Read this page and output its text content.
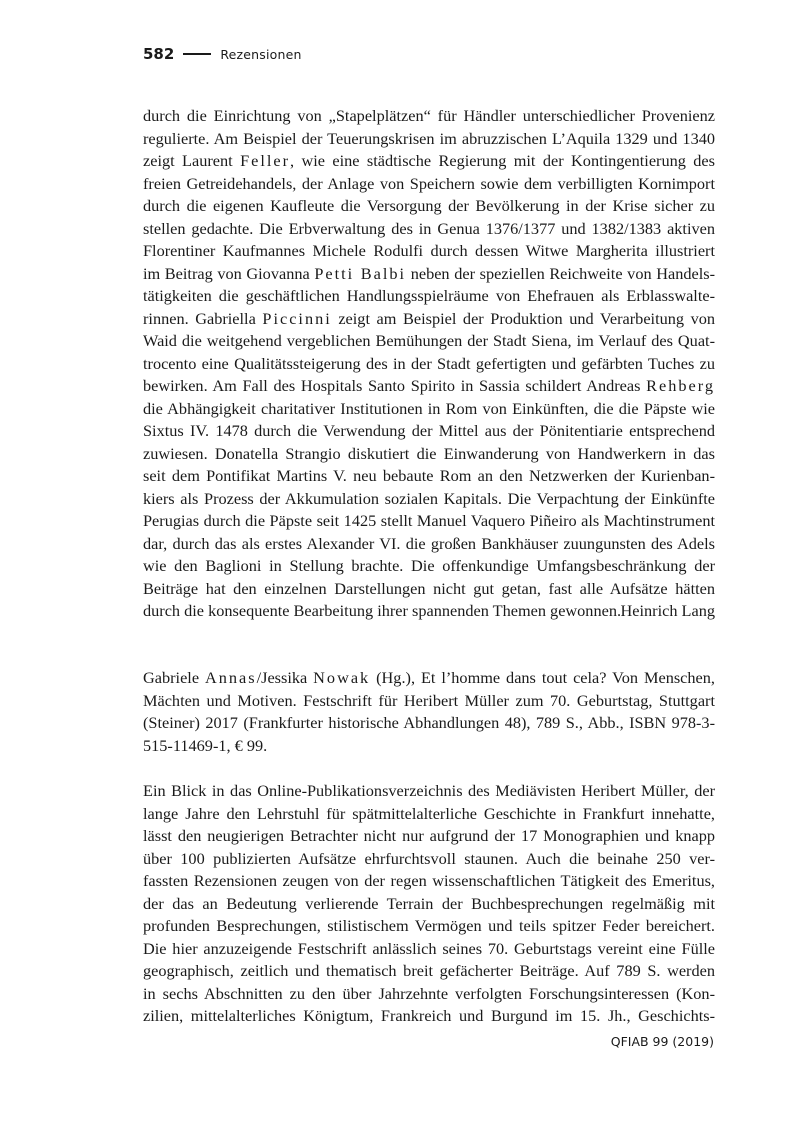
582	Rezensionen
durch die Einrichtung von „Stapelplätzen“ für Händler unterschiedlicher Provenienz
regulierte. Am Beispiel der Teuerungskrisen im abruzzischen L’Aquila 1329 und 1340
zeigt Laurent Feller, wie eine städtische Regierung mit der Kontingentierung des
freien Getreidehandels, der Anlage von Speichern sowie dem verbilligten Kornimport
durch die eigenen Kaufleute die Versorgung der Bevölkerung in der Krise sicher zu
stellen gedachte. Die Erbverwaltung des in Genua 1376/1377 und 1382/1383 aktiven
Florentiner Kaufmannes Michele Rodulfi durch dessen Witwe Margherita illustriert
im Beitrag von Giovanna Petti Balbi neben der speziellen Reichweite von Handels-
tätigkeiten die geschäftlichen Handlungsspielräume von Ehefrauen als Erblasswalte-
rinnen. Gabriella Piccinni zeigt am Beispiel der Produktion und Verarbeitung von
Waid die weitgehend vergeblichen Bemühungen der Stadt Siena, im Verlauf des Quat-
trocento eine Qualitätssteigerung des in der Stadt gefertigten und gefärbten Tuches zu
bewirken. Am Fall des Hospitals Santo Spirito in Sassia schildert Andreas Rehberg
die Abhängigkeit charitativer Institutionen in Rom von Einkünften, die die Päpste wie
Sixtus IV. 1478 durch die Verwendung der Mittel aus der Pönitentiarie entsprechend
zuwiesen. Donatella Strangio diskutiert die Einwanderung von Handwerkern in das
seit dem Pontifikat Martins V. neu bebaute Rom an den Netzwerken der Kurienban-
kiers als Prozess der Akkumulation sozialen Kapitals. Die Verpachtung der Einkünfte
Perugias durch die Päpste seit 1425 stellt Manuel Vaquero Piñeiro als Machtinstrument
dar, durch das als erstes Alexander VI. die großen Bankhäuser zuungunsten des Adels
wie den Baglioni in Stellung brachte. Die offenkundige Umfangsbeschränkung der
Beiträge hat den einzelnen Darstellungen nicht gut getan, fast alle Aufsätze hätten
durch die konsequente Bearbeitung ihrer spannenden Themen gewonnen. Heinrich Lang
Gabriele Annas/Jessika Nowak (Hg.), Et l’homme dans tout cela? Von Menschen,
Mächten und Motiven. Festschrift für Heribert Müller zum 70. Geburtstag, Stuttgart
(Steiner) 2017 (Frankfurter historische Abhandlungen 48), 789 S., Abb., ISBN 978-3-
515-11469-1, € 99.
Ein Blick in das Online-Publikationsverzeichnis des Mediävisten Heribert Müller, der
lange Jahre den Lehrstuhl für spätmittelalterliche Geschichte in Frankfurt innehatte,
lässt den neugierigen Betrachter nicht nur aufgrund der 17 Monographien und knapp
über 100 publizierten Aufsätze ehrfurchtsvoll staunen. Auch die beinahe 250 ver-
fassten Rezensionen zeugen von der regen wissenschaftlichen Tätigkeit des Emeritus,
der das an Bedeutung verlierende Terrain der Buchbesprechungen regelmäßig mit
profunden Besprechungen, stilistischem Vermögen und teils spitzer Feder bereichert.
Die hier anzuzeigende Festschrift anlässlich seines 70. Geburtstags vereint eine Fülle
geographisch, zeitlich und thematisch breit gefächerter Beiträge. Auf 789 S. werden
in sechs Abschnitten zu den über Jahrzehnte verfolgten Forschungsinteressen (Kon-
zilien, mittelalterliches Königtum, Frankreich und Burgund im 15. Jh., Geschichts-
QFIAB 99 (2019)
